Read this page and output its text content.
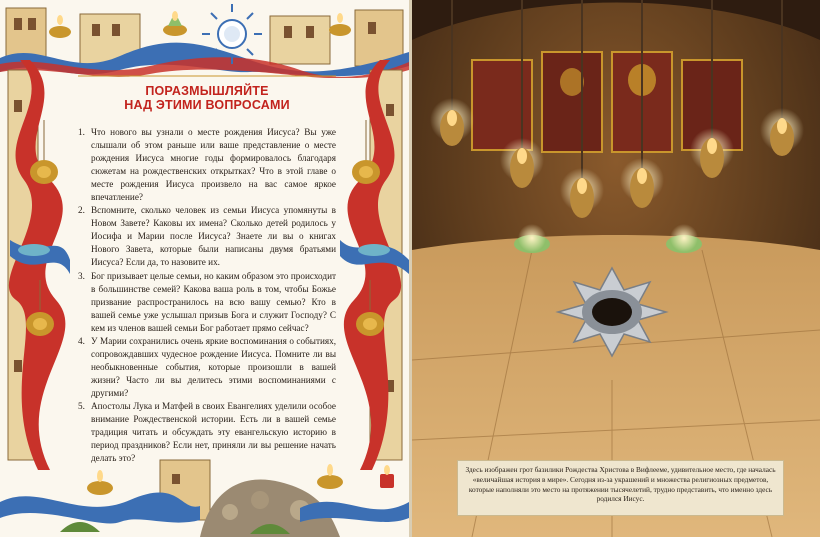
ПОРАЗМЫШЛЯЙТЕ
НАД ЭТИМИ ВОПРОСАМИ
1. Что нового вы узнали о месте рождения Иисуса? Вы уже слышали об этом раньше или ваше представление о месте рождения Иисуса многие годы формировалось благодаря сюжетам на рождественских открытках? Что в этой главе о месте рождения Иисуса произвело на вас самое яркое впечатление?
2. Вспомните, сколько человек из семьи Иисуса упомянуты в Новом Завете? Каковы их имена? Сколько детей родилось у Иосифа и Марии после Иисуса? Знаете ли вы о книгах Нового Завета, которые были написаны двумя братьями Иисуса? Если да, то назовите их.
3. Бог призывает целые семьи, но каким образом это происходит в большинстве семей? Какова ваша роль в том, чтобы Божье призвание распространилось на всю вашу семью? Кто в вашей семье уже услышал призыв Бога и служит Господу? С кем из членов вашей семьи Бог работает прямо сейчас?
4. У Марии сохранились очень яркие воспоминания о событиях, сопровождавших чудесное рождение Иисуса. Помните ли вы необыкновенные события, которые произошли в вашей жизни? Часто ли вы делитесь этими воспоминаниями с другими?
5. Апостолы Лука и Матфей в своих Евангелиях уделили особое внимание Рождественской истории. Есть ли в вашей семье традиция читать и обсуждать эту евангельскую историю в период праздников? Если нет, приняли ли вы решение начать делать это?
Здесь изображен грот базилики Рождества Христова в Вифлееме, удивительное место, где началась «величайшая история в мире». Сегодня из-за украшений и множества религиозных предметов, которые наполняли это место на протяжении тысячелетий, трудно представить, что именно здесь родился Иисус.
